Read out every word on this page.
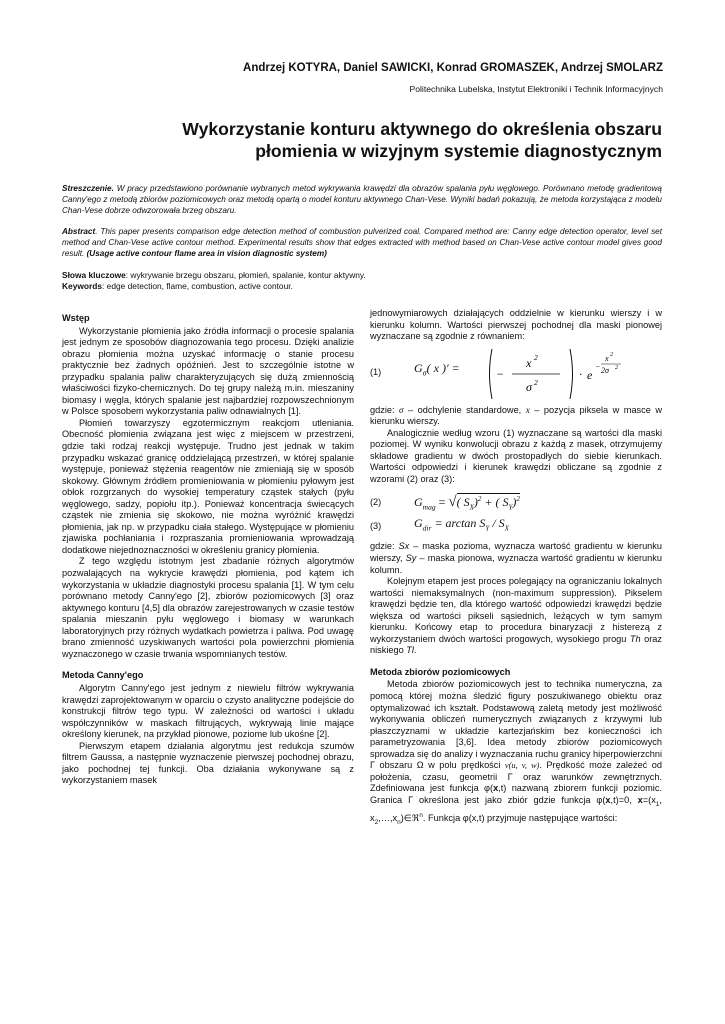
Andrzej KOTYRA, Daniel SAWICKI, Konrad GROMASZEK, Andrzej SMOLARZ
Politechnika Lubelska, Instytut Elektroniki i Technik Informacyjnych
Wykorzystanie konturu aktywnego do określenia obszaru
płomienia w wizyjnym systemie diagnostycznym
Streszczenie. W pracy przedstawiono porównanie wybranych metod wykrywania krawędzi dla obrazów spalania pyłu węglowego. Porównano metodę gradientową Canny'ego z metodą zbiorów poziomicowych oraz metodą opartą o model konturu aktywnego Chan-Vese. Wyniki badań pokazują, że metoda korzystająca z modelu Chan-Vese dobrze odwzorowała brzeg obszaru.
Abstract. This paper presents comparison edge detection method of combustion pulverized coal. Compared method are: Canny edge detection operator, level set method and Chan-Vese active contour method. Experimental results show that edges extracted with method based on Chan-Vese active contour model gives good result. (Usage active contour flame area in vision diagnostic system)
Słowa kluczowe: wykrywanie brzegu obszaru, płomień, spalanie, kontur aktywny.
Keywords: edge detection, flame, combustion, active contour.

Wstęp

Wykorzystanie płomienia jako źródła informacji o procesie spalania jest jednym ze sposobów diagnozowania tego procesu. Dzięki analizie obrazu płomienia można uzyskać informację o stanie procesu praktycznie bez żadnych opóźnień. Jest to szczególnie istotne w przypadku spalania paliw charakteryzujących się dużą zmiennością właściwości fizyko-chemicznych. Do tej grupy należą m.in. mieszaniny biomasy i węgla, których spalanie jest najbardziej rozpowszechnionym w Polsce sposobem wykorzystania paliw odnawialnych [1].

Płomień towarzyszy egzotermicznym reakcjom utleniania. Obecność płomienia związana jest więc z miejscem w przestrzeni, gdzie taki rodzaj reakcji występuje. Trudno jest jednak w takim przypadku wskazać granicę oddzielającą przestrzeń, w której spalanie występuje, ponieważ stężenia reagentów nie zmieniają się w sposób skokowy. Głównym źródłem promieniowania w płomieniu pyłowym jest obłok rozgrzanych do wysokiej temperatury cząstek stałych (pyłu węglowego, sadzy, popiołu itp.). Ponieważ koncentracja świecących cząstek nie zmienia się skokowo, nie można wyróżnić krawędzi płomienia, jak np. w przypadku ciała stałego. Występujące w płomieniu zjawiska pochłaniania i rozpraszania promieniowania wprowadzają dodatkowe niejednoznaczności w określeniu granicy płomienia.

Z tego względu istotnym jest zbadanie różnych algorytmów pozwalających na wykrycie krawędzi płomienia, pod kątem ich wykorzystania w układzie diagnostyki procesu spalania [1]. W tym celu porównano metody Canny'ego [2], zbiorów poziomicowych [3] oraz aktywnego konturu [4,5] dla obrazów zarejestrowanych w czasie testów spalania mieszanin pyłu węglowego i biomasy w warunkach laboratoryjnych przy różnych wydatkach powietrza i paliwa. Pod uwagę brano zmienność uzyskiwanych wartości pola powierzchni płomienia wyznaczonego w czasie trwania wspomnianych testów.

Metoda Canny'ego

Algorytm Canny'ego jest jednym z niewielu filtrów wykrywania krawędzi zaprojektowanym w oparciu o czysto analityczne podejście do konstrukcji filtrów tego typu. W zależności od wartości i układu współczynników w maskach filtrujących, wykrywają linie mające określony kierunek, na przykład pionowe, poziome lub ukośne [2].

Pierwszym etapem działania algorytmu jest redukcja szumów filtrem Gaussa, a następnie wyznaczenie pierwszej pochodnej obrazu, jako pochodnej tej funkcji. Oba działania wykonywane są z wykorzystaniem masek

jednowymiarowych działających oddzielnie w kierunku wierszy i w kierunku kolumn. Wartości pierwszej pochodnej dla maski pionowej wyznaczane są zgodnie z równaniem:

(1)	$G_\sigma$( x )' =	−
x 2
σ 2
· e
−
x 2
2σ 2

gdzie: σ – odchylenie standardowe, x – pozycja piksela w masce w kierunku wierszy.

Analogicznie według wzoru (1) wyznaczane są wartości dla maski poziomej. W wyniku konwolucji obrazu z każdą z masek, otrzymujemy składowe gradientu w dwóch prostopadłych do siebie kierunkach. Wartości odpowiedzi i kierunek krawędzi obliczane są zgodnie z wzorami (2) oraz (3):

(2)	$G_{mag}$ = √( $S_X)^2$ + ( $S_Y)^2$
(3)	$G_{dir} = \arctan S_Y / S_X$

gdzie: Sx – maska pozioma, wyznacza wartość gradientu w kierunku wierszy, Sy – maska pionowa, wyznacza wartość gradientu w kierunku kolumn.

Kolejnym etapem jest proces polegający na ograniczaniu lokalnych wartości niemaksymalnych (non-maximum suppression). Pikselem krawędzi będzie ten, dla którego wartość odpowiedzi krawędzi będzie większa od wartości pikseli sąsiednich, leżących w tym samym kierunku. Końcowy etap to procedura binaryzacji z histerezą z wykorzystaniem dwóch wartości progowych, wysokiego progu Th oraz niskiego Tl.

Metoda zbiorów poziomicowych

Metoda zbiorów poziomicowych jest to technika numeryczna, za pomocą której można śledzić figury poszukiwanego obiektu oraz optymalizować ich kształt. Podstawową zaletą metody jest możliwość wykonywania obliczeń numerycznych związanych z krzywymi lub płaszczyznami w układzie kartezjańskim bez konieczności ich parametryzowania [3,6]. Idea metody zbiorów poziomicowych sprowadza się do analizy i wyznaczania ruchu granicy hiperpowierzchni Γ obszaru Ω w polu prędkości v(u, v, w). Prędkość może zależeć od położenia, czasu, geometrii Γ oraz warunków zewnętrznych. Zdefiniowana jest funkcja φ(x,t) nazwaną zbiorem funkcji poziomic. Granica Γ określona jest jako zbiór gdzie funkcja φ(x,t)=0, $x=(x_1$, $x_2,\dots,x_n)\in ℜ^n$. Funkcja φ(x,t) przyjmuje następujące wartości:
